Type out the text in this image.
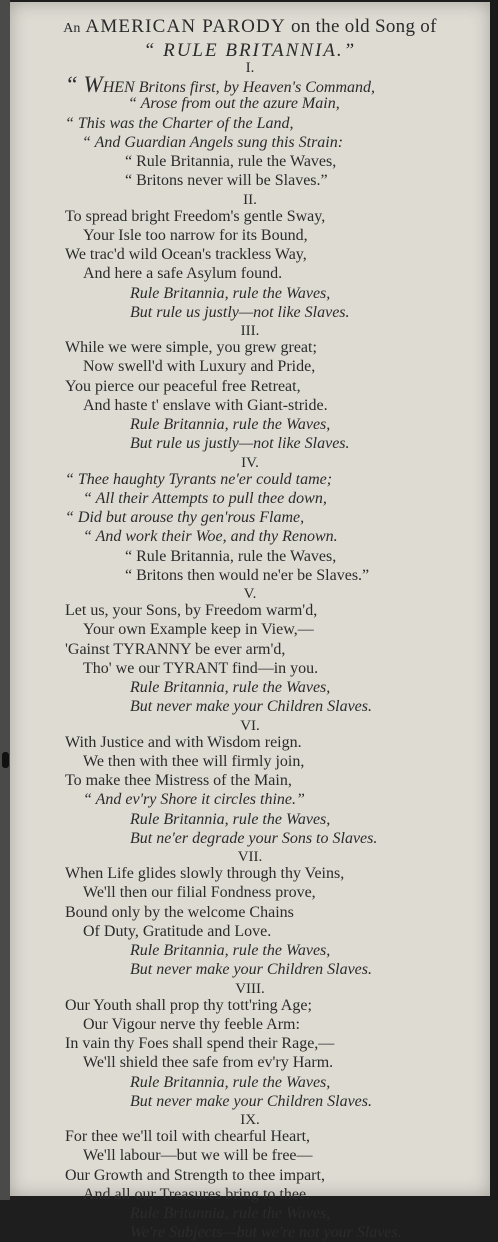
An AMERICAN PARODY on the old Song of
“ RULE BRITANNIA.”
I.
“ WHEN Britons first, by Heaven's Command,
“ Arose from out the azure Main,
“ This was the Charter of the Land,
“ And Guardian Angels sung this Strain:
“ Rule Britannia, rule the Waves,
“ Britons never will be Slaves.”
II.
To spread bright Freedom's gentle Sway,
Your Isle too narrow for its Bound,
We trac'd wild Ocean's trackless Way,
And here a safe Asylum found.
Rule Britannia, rule the Waves,
But rule us justly—not like Slaves.
III.
While we were simple, you grew great;
Now swell'd with Luxury and Pride,
You pierce our peaceful free Retreat,
And haste t' enslave with Giant-stride.
Rule Britannia, rule the Waves,
But rule us justly—not like Slaves.
IV.
“ Thee haughty Tyrants ne'er could tame;
“ All their Attempts to pull thee down,
“ Did but arouse thy gen'rous Flame,
“ And work their Woe, and thy Renown.
“ Rule Britannia, rule the Waves,
“ Britons then would ne'er be Slaves.”
V.
Let us, your Sons, by Freedom warm'd,
Your own Example keep in View,—
'Gainst TYRANNY be ever arm'd,
Tho' we our TYRANT find—in you.
Rule Britannia, rule the Waves,
But never make your Children Slaves.
VI.
With Justice and with Wisdom reign.
We then with thee will firmly join,
To make thee Mistress of the Main,
“ And ev'ry Shore it circles thine.”
Rule Britannia, rule the Waves,
But ne'er degrade your Sons to Slaves.
VII.
When Life glides slowly through thy Veins,
We'll then our filial Fondness prove,
Bound only by the welcome Chains
Of Duty, Gratitude and Love.
Rule Britannia, rule the Waves,
But never make your Children Slaves.
VIII.
Our Youth shall prop thy tott'ring Age;
Our Vigour nerve thy feeble Arm:
In vain thy Foes shall spend their Rage,—
We'll shield thee safe from ev'ry Harm.
Rule Britannia, rule the Waves,
But never make your Children Slaves.
IX.
For thee we'll toil with chearful Heart,
We'll labour—but we will be free—
Our Growth and Strength to thee impart,
And all our Treasures bring to thee.
Rule Britannia, rule the Waves,
We're Subjects—but we're not your Slaves.
